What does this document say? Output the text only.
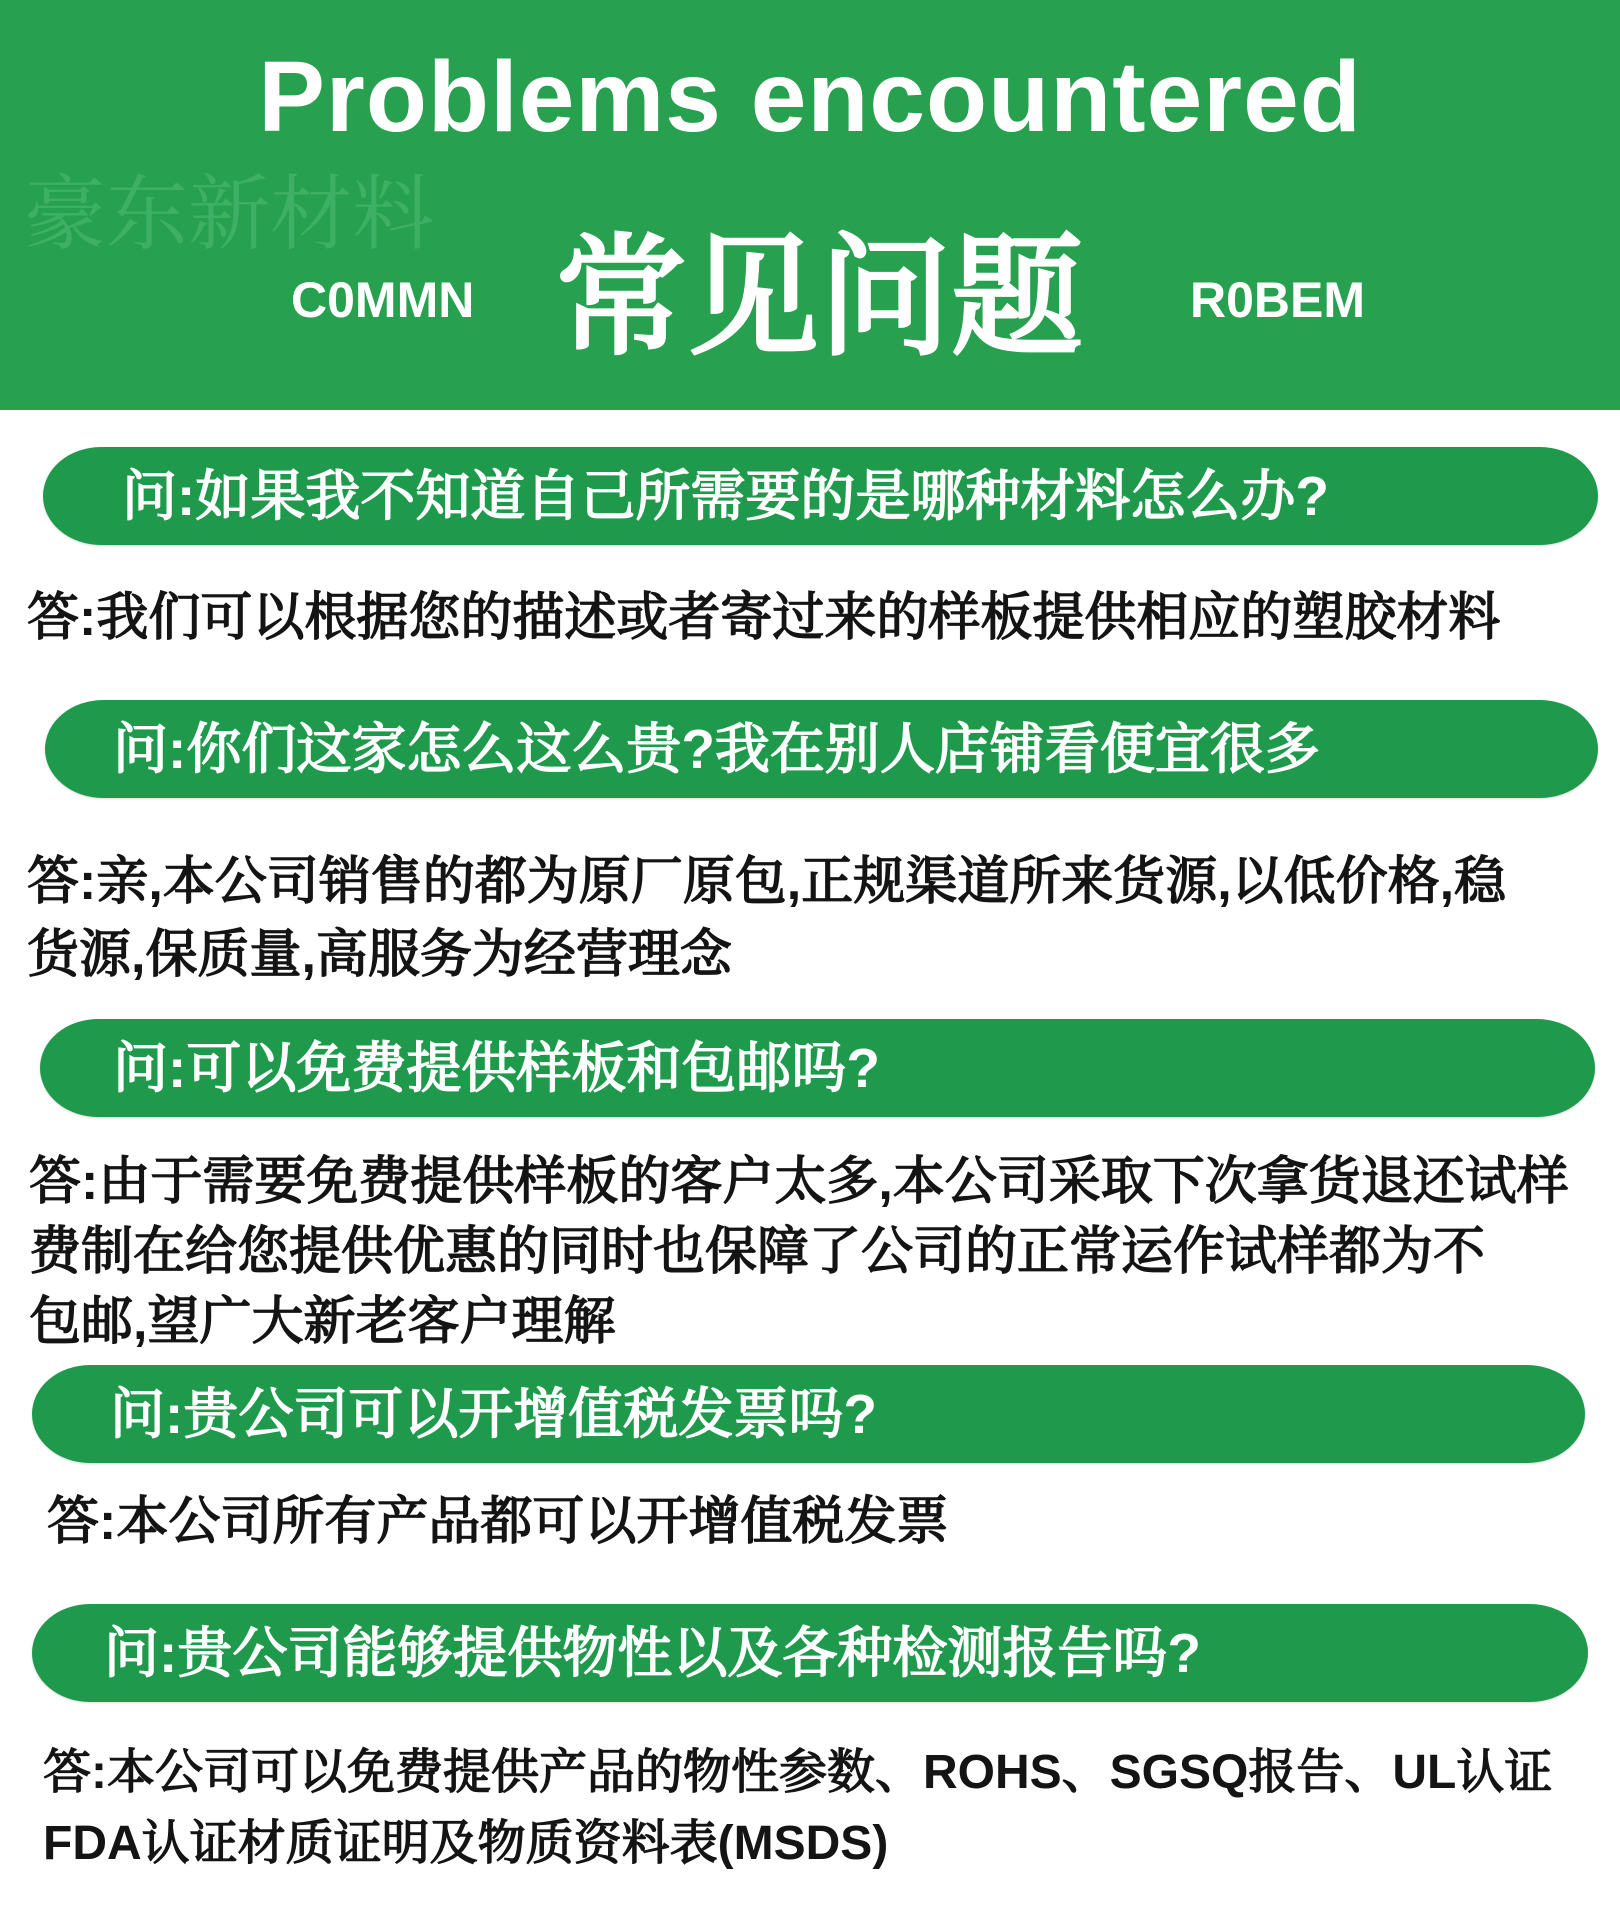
Problems encountered
豪东新材料
C0MMN 常见问题 R0BEM
问:如果我不知道自己所需要的是哪种材料怎么办?
答:我们可以根据您的描述或者寄过来的样板提供相应的塑胶材料
问:你们这家怎么这么贵?我在别人店铺看便宜很多
答:亲,本公司销售的都为原厂原包,正规渠道所来货源,以低价格,稳
货源,保质量,高服务为经营理念
问:可以免费提供样板和包邮吗?
答:由于需要免费提供样板的客户太多,本公司采取下次拿货退还试样
费制在给您提供优惠的同时也保障了公司的正常运作试样都为不
包邮,望广大新老客户理解
问:贵公司可以开增值税发票吗?
答:本公司所有产品都可以开增值税发票
问:贵公司能够提供物性以及各种检测报告吗?
答:本公司可以免费提供产品的物性参数、ROHS、SGSQ报告、UL认证
FDA认证材质证明及物质资料表(MSDS)
